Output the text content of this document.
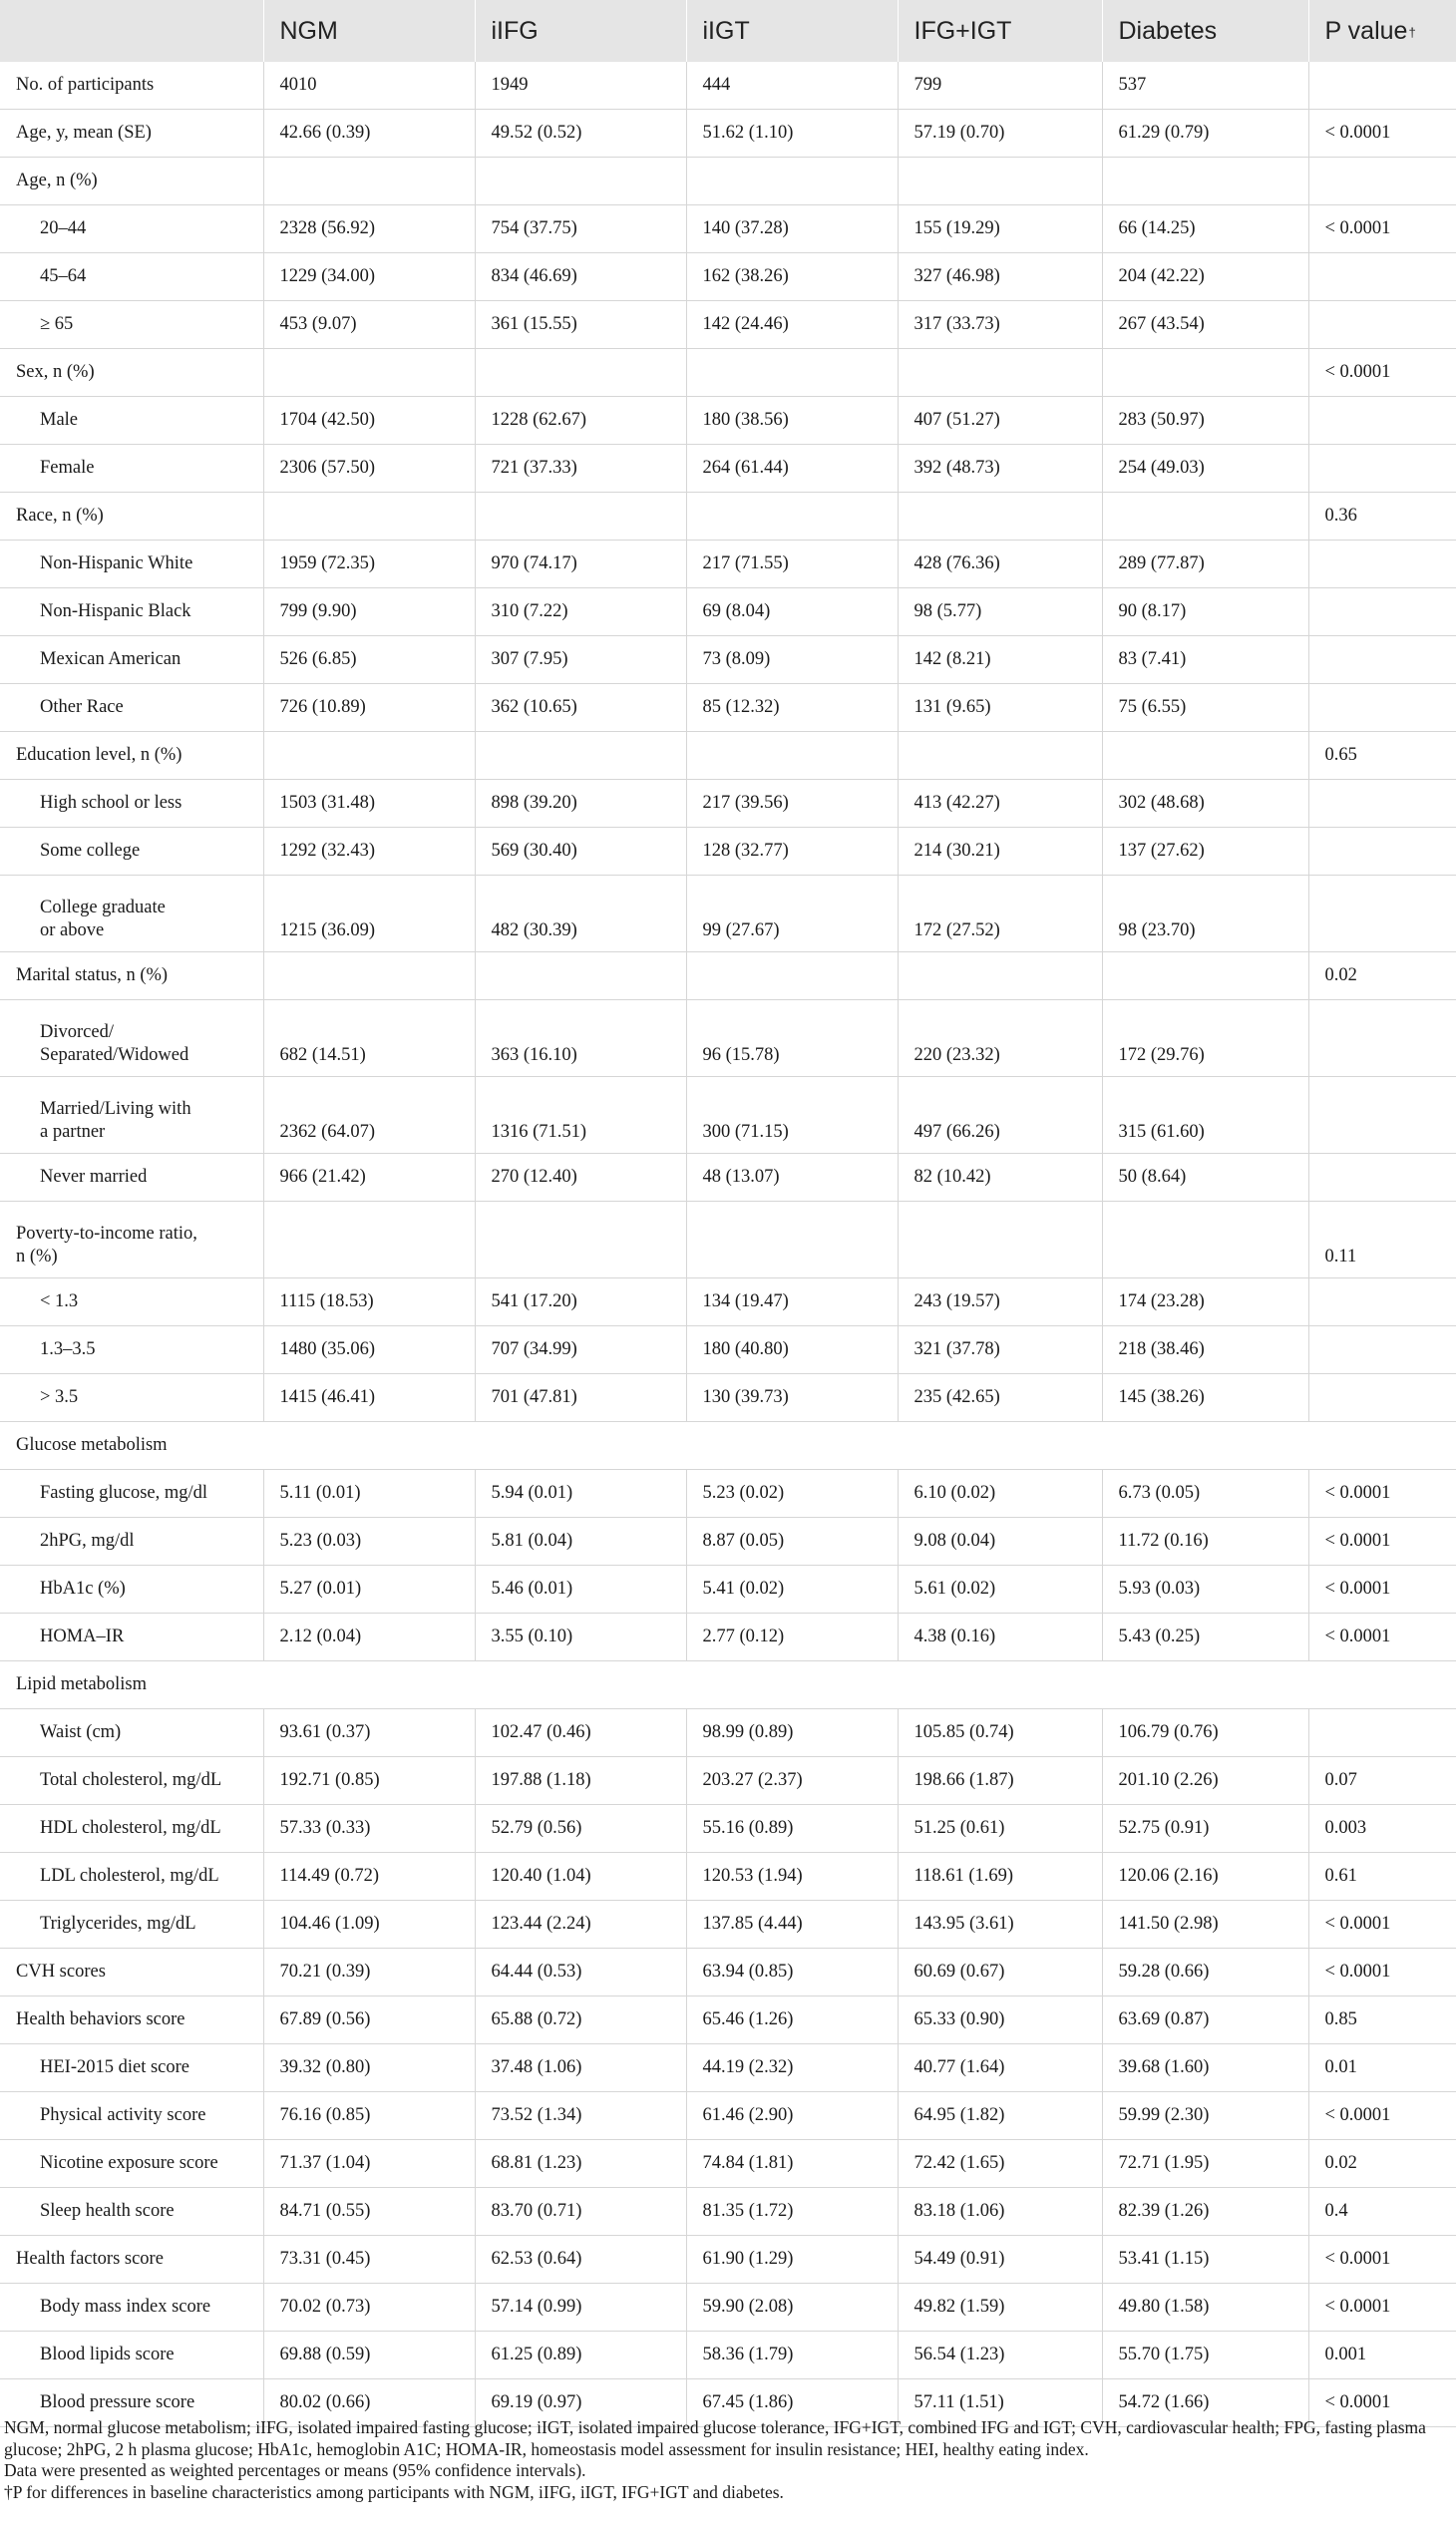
	NGM	iIFG	iIGT	IFG+IGT	Diabetes	P value†
No. of participants	4010	1949	444	799	537	
Age, y, mean (SE)	42.66 (0.39)	49.52 (0.52)	51.62 (1.10)	57.19 (0.70)	61.29 (0.79)	< 0.0001
Age, n (%)						
20–44	2328 (56.92)	754 (37.75)	140 (37.28)	155 (19.29)	66 (14.25)	< 0.0001
45–64	1229 (34.00)	834 (46.69)	162 (38.26)	327 (46.98)	204 (42.22)	
≥ 65	453 (9.07)	361 (15.55)	142 (24.46)	317 (33.73)	267 (43.54)	
Sex, n (%)						< 0.0001
Male	1704 (42.50)	1228 (62.67)	180 (38.56)	407 (51.27)	283 (50.97)	
Female	2306 (57.50)	721 (37.33)	264 (61.44)	392 (48.73)	254 (49.03)	
Race, n (%)						0.36
Non-Hispanic White	1959 (72.35)	970 (74.17)	217 (71.55)	428 (76.36)	289 (77.87)	
Non-Hispanic Black	799 (9.90)	310 (7.22)	69 (8.04)	98 (5.77)	90 (8.17)	
Mexican American	526 (6.85)	307 (7.95)	73 (8.09)	142 (8.21)	83 (7.41)	
Other Race	726 (10.89)	362 (10.65)	85 (12.32)	131 (9.65)	75 (6.55)	
Education level, n (%)						0.65
High school or less	1503 (31.48)	898 (39.20)	217 (39.56)	413 (42.27)	302 (48.68)	
Some college	1292 (32.43)	569 (30.40)	128 (32.77)	214 (30.21)	137 (27.62)	

College graduate
or above	1215 (36.09)	482 (30.39)	99 (27.67)	172 (27.52)	98 (23.70)	
Marital status, n (%)						0.02

Divorced/
Separated/Widowed	682 (14.51)	363 (16.10)	96 (15.78)	220 (23.32)	172 (29.76)	

Married/Living with
a partner	2362 (64.07)	1316 (71.51)	300 (71.15)	497 (66.26)	315 (61.60)	
Never married	966 (21.42)	270 (12.40)	48 (13.07)	82 (10.42)	50 (8.64)	

Poverty-to-income ratio,
n (%)						0.11
< 1.3	1115 (18.53)	541 (17.20)	134 (19.47)	243 (19.57)	174 (23.28)	
1.3–3.5	1480 (35.06)	707 (34.99)	180 (40.80)	321 (37.78)	218 (38.46)	
> 3.5	1415 (46.41)	701 (47.81)	130 (39.73)	235 (42.65)	145 (38.26)	
Glucose metabolism						
Fasting glucose, mg/dl	5.11 (0.01)	5.94 (0.01)	5.23 (0.02)	6.10 (0.02)	6.73 (0.05)	< 0.0001
2hPG, mg/dl	5.23 (0.03)	5.81 (0.04)	8.87 (0.05)	9.08 (0.04)	11.72 (0.16)	< 0.0001
HbA1c (%)	5.27 (0.01)	5.46 (0.01)	5.41 (0.02)	5.61 (0.02)	5.93 (0.03)	< 0.0001
HOMA–IR	2.12 (0.04)	3.55 (0.10)	2.77 (0.12)	4.38 (0.16)	5.43 (0.25)	< 0.0001
Lipid metabolism						
Waist (cm)	93.61 (0.37)	102.47 (0.46)	98.99 (0.89)	105.85 (0.74)	106.79 (0.76)	
Total cholesterol, mg/dL	192.71 (0.85)	197.88 (1.18)	203.27 (2.37)	198.66 (1.87)	201.10 (2.26)	0.07
HDL cholesterol, mg/dL	57.33 (0.33)	52.79 (0.56)	55.16 (0.89)	51.25 (0.61)	52.75 (0.91)	0.003
LDL cholesterol, mg/dL	114.49 (0.72)	120.40 (1.04)	120.53 (1.94)	118.61 (1.69)	120.06 (2.16)	0.61
Triglycerides, mg/dL	104.46 (1.09)	123.44 (2.24)	137.85 (4.44)	143.95 (3.61)	141.50 (2.98)	< 0.0001
CVH scores	70.21 (0.39)	64.44 (0.53)	63.94 (0.85)	60.69 (0.67)	59.28 (0.66)	< 0.0001
Health behaviors score	67.89 (0.56)	65.88 (0.72)	65.46 (1.26)	65.33 (0.90)	63.69 (0.87)	0.85
HEI-2015 diet score	39.32 (0.80)	37.48 (1.06)	44.19 (2.32)	40.77 (1.64)	39.68 (1.60)	0.01
Physical activity score	76.16 (0.85)	73.52 (1.34)	61.46 (2.90)	64.95 (1.82)	59.99 (2.30)	< 0.0001
Nicotine exposure score	71.37 (1.04)	68.81 (1.23)	74.84 (1.81)	72.42 (1.65)	72.71 (1.95)	0.02
Sleep health score	84.71 (0.55)	83.70 (0.71)	81.35 (1.72)	83.18 (1.06)	82.39 (1.26)	0.4
Health factors score	73.31 (0.45)	62.53 (0.64)	61.90 (1.29)	54.49 (0.91)	53.41 (1.15)	< 0.0001
Body mass index score	70.02 (0.73)	57.14 (0.99)	59.90 (2.08)	49.82 (1.59)	49.80 (1.58)	< 0.0001
Blood lipids score	69.88 (0.59)	61.25 (0.89)	58.36 (1.79)	56.54 (1.23)	55.70 (1.75)	0.001
Blood pressure score	80.02 (0.66)	69.19 (0.97)	67.45 (1.86)	57.11 (1.51)	54.72 (1.66)	< 0.0001
NGM, normal glucose metabolism; iIFG, isolated impaired fasting glucose; iIGT, isolated impaired glucose tolerance, IFG+IGT, combined IFG and IGT; CVH, cardiovascular health; FPG, fasting plasma glucose; 2hPG, 2 h plasma glucose; HbA1c, hemoglobin A1C; HOMA-IR, homeostasis model assessment for insulin resistance; HEI, healthy eating index.
Data were presented as weighted percentages or means (95% confidence intervals).
†P for differences in baseline characteristics among participants with NGM, iIFG, iIGT, IFG+IGT and diabetes.
